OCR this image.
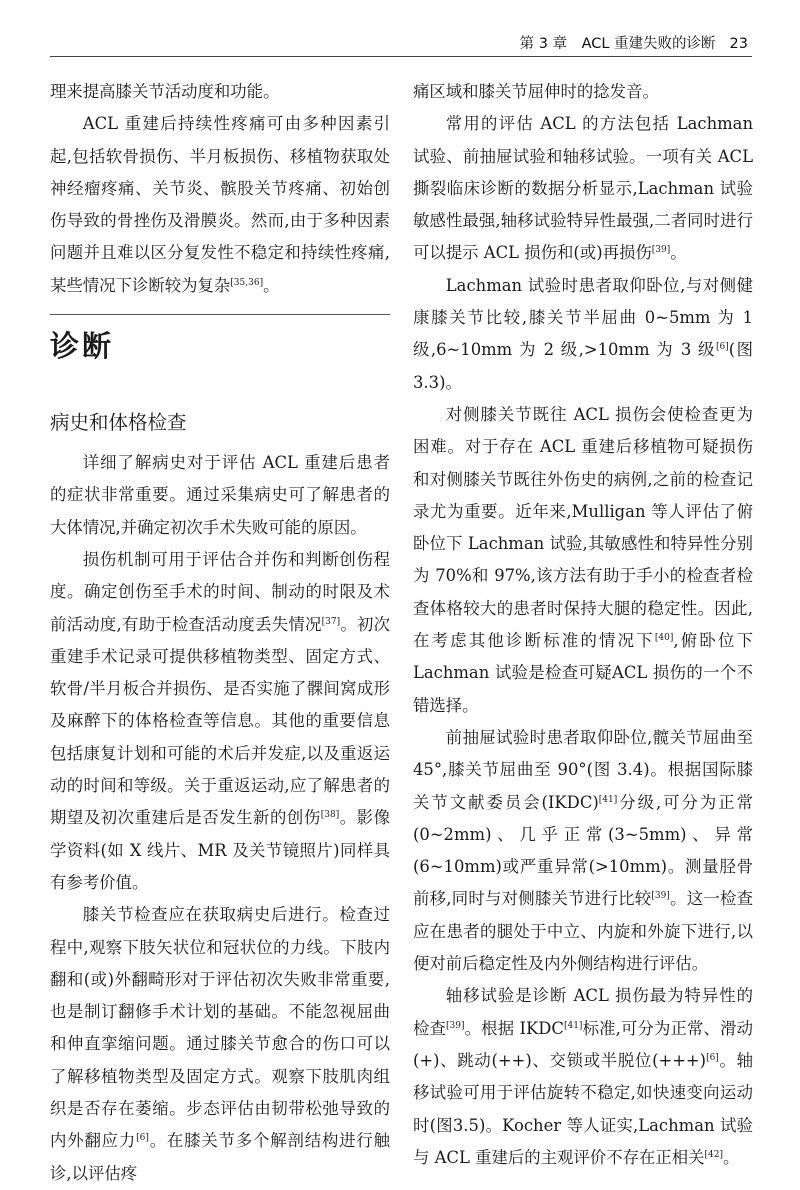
第 3 章　ACL 重建失败的诊断 23

理来提高膝关节活动度和功能。

ACL 重建后持续性疼痛可由多种因素引起,包括软骨损伤、半月板损伤、移植物获取处神经瘤疼痛、关节炎、髌股关节疼痛、初始创伤导致的骨挫伤及滑膜炎。然而,由于多种因素问题并且难以区分复发性不稳定和持续性疼痛,某些情况下诊断较为复杂[35,36]。

诊断
病史和体格检查

详细了解病史对于评估 ACL 重建后患者的症状非常重要。通过采集病史可了解患者的大体情况,并确定初次手术失败可能的原因。

损伤机制可用于评估合并伤和判断创伤程度。确定创伤至手术的时间、制动的时限及术前活动度,有助于检查活动度丢失情况[37]。初次重建手术记录可提供移植物类型、固定方式、软骨/半月板合并损伤、是否实施了髁间窝成形及麻醉下的体格检查等信息。其他的重要信息包括康复计划和可能的术后并发症,以及重返运动的时间和等级。关于重返运动,应了解患者的期望及初次重建后是否发生新的创伤[38]。影像学资料(如 X 线片、MR 及关节镜照片)同样具有参考价值。

膝关节检查应在获取病史后进行。检查过程中,观察下肢矢状位和冠状位的力线。下肢内翻和(或)外翻畸形对于评估初次失败非常重要,也是制订翻修手术计划的基础。不能忽视屈曲和伸直挛缩问题。通过膝关节愈合的伤口可以了解移植物类型及固定方式。观察下肢肌肉组织是否存在萎缩。步态评估由韧带松弛导致的内外翻应力[6]。在膝关节多个解剖结构进行触诊,以评估疼

痛区域和膝关节屈伸时的捻发音。

常用的评估 ACL 的方法包括 Lachman 试验、前抽屉试验和轴移试验。一项有关 ACL 撕裂临床诊断的数据分析显示,Lachman 试验敏感性最强,轴移试验特异性最强,二者同时进行可以提示 ACL 损伤和(或)再损伤[39]。

Lachman 试验时患者取仰卧位,与对侧健康膝关节比较,膝关节半屈曲 0~5mm 为 1 级,6~10mm 为 2 级,>10mm 为 3 级[6](图 3.3)。

对侧膝关节既往 ACL 损伤会使检查更为困难。对于存在 ACL 重建后移植物可疑损伤和对侧膝关节既往外伤史的病例,之前的检查记录尤为重要。近年来,Mulligan 等人评估了俯卧位下 Lachman 试验,其敏感性和特异性分别为 70%和 97%,该方法有助于手小的检查者检查体格较大的患者时保持大腿的稳定性。因此,在考虑其他诊断标准的情况下[40],俯卧位下 Lachman 试验是检查可疑ACL 损伤的一个不错选择。

前抽屉试验时患者取仰卧位,髋关节屈曲至 45°,膝关节屈曲至 90°(图 3.4)。根据国际膝关节文献委员会(IKDC)[41]分级,可分为正常(0~2mm)、几乎正常(3~5mm)、异常(6~10mm)或严重异常(>10mm)。测量胫骨前移,同时与对侧膝关节进行比较[39]。这一检查应在患者的腿处于中立、内旋和外旋下进行,以便对前后稳定性及内外侧结构进行评估。

轴移试验是诊断 ACL 损伤最为特异性的检查[39]。根据 IKDC[41]标准,可分为正常、滑动(+)、跳动(++)、交锁或半脱位(+++)[6]。轴移试验可用于评估旋转不稳定,如快速变向运动时(图3.5)。Kocher 等人证实,Lachman 试验与 ACL 重建后的主观评价不存在正相关[42]。
